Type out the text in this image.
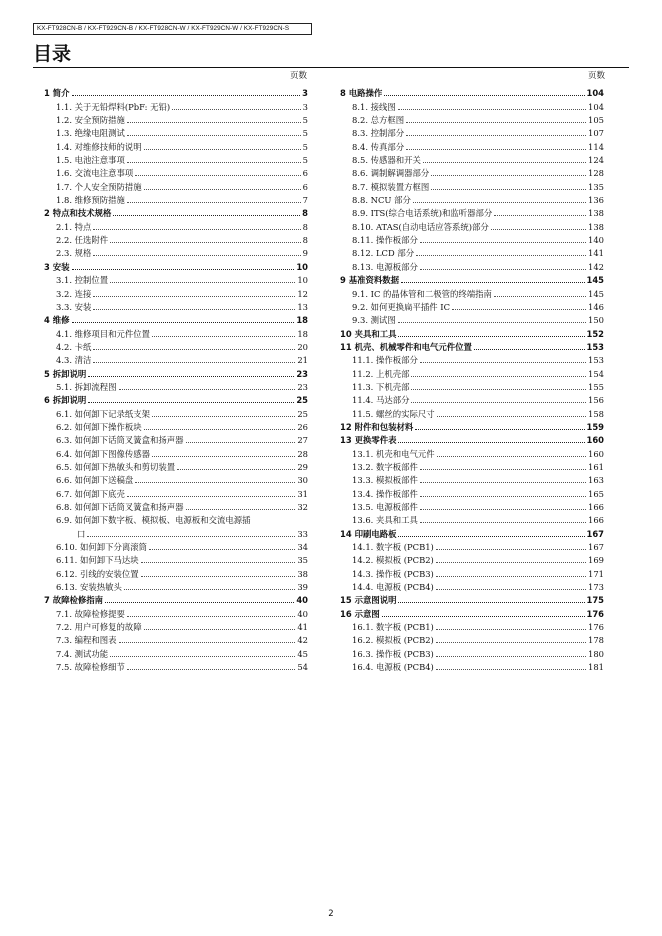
KX-FT928CN-B / KX-FT929CN-B / KX-FT928CN-W / KX-FT929CN-W / KX-FT929CN-S
目录
页数	页数
1 简介	3
1.1. 关于无铅焊料(PbF: 无铅)	3
1.2. 安全预防措施	5
1.3. 绝缘电阻测试	5
1.4. 对维修技师的说明	5
1.5. 电池注意事项	5
1.6. 交流电注意事项	6
1.7. 个人安全预防措施	6
1.8. 维修预防措施	7
2 特点和技术规格	8
2.1. 特点	8
2.2. 任选附件	8
2.3. 规格	9
3 安装	10
3.1. 控制位置	10
3.2. 连接	12
3.3. 安装	13
4 维修	18
4.1. 维修项目和元件位置	18
4.2. 卡纸	20
4.3. 清洁	21
5 拆卸说明	23
5.1. 拆卸流程图	23
6 拆卸说明	25
6.1. 如何卸下记录纸支架	25
6.2. 如何卸下操作板块	26
6.3. 如何卸下话筒叉簧盒和扬声器	27
6.4. 如何卸下图像传感器	28
6.5. 如何卸下热敏头和剪切装置	29
6.6. 如何卸下送稿盘	30
6.7. 如何卸下底壳	31
6.8. 如何卸下话筒叉簧盒和扬声器	32
6.9. 如何卸下数字板、模拟板、电源板和交流电源插
口	33
6.10. 如何卸下分离滚筒	34
6.11. 如何卸下马达块	35
6.12. 引线的安装位置	38
6.13. 安装热敏头	39
7 故障检修指南	40
7.1. 故障检修提要	40
7.2. 用户可修复的故障	41
7.3. 编程和图表	42
7.4. 测试功能	45
7.5. 故障检修细节	54
8 电路操作	104
8.1. 接线图	104
8.2. 总方框图	105
8.3. 控制部分	107
8.4. 传真部分	114
8.5. 传感器和开关	124
8.6. 调制解调器部分	128
8.7. 模拟装置方框图	135
8.8. NCU 部分	136
8.9. ITS(综合电话系统)和监听器部分	138
8.10. ATAS(自动电话应答系统)部分	138
8.11. 操作板部分	140
8.12. LCD 部分	141
8.13. 电源板部分	142
9 基准资料数据	145
9.1. IC 的晶体管和二极管的终端指南	145
9.2. 如何更换扁平插件 IC	146
9.3. 测试图	150
10 夹具和工具	152
11 机壳、机械零件和电气元件位置	153
11.1. 操作板部分	153
11.2. 上机壳部	154
11.3. 下机壳部	155
11.4. 马达部分	156
11.5. 螺丝的实际尺寸	158
12 附件和包装材料	159
13 更换零件表	160
13.1. 机壳和电气元件	160
13.2. 数字板部件	161
13.3. 模拟板部件	163
13.4. 操作板部件	165
13.5. 电源板部件	166
13.6. 夹具和工具	166
14 印刷电路板	167
14.1. 数字板 (PCB1)	167
14.2. 模拟板 (PCB2)	169
14.3. 操作板 (PCB3)	171
14.4. 电源板 (PCB4)	173
15 示意图说明	175
16 示意图	176
16.1. 数字板 (PCB1)	176
16.2. 模拟板 (PCB2)	178
16.3. 操作板 (PCB3)	180
16.4. 电源板 (PCB4)	181
2
